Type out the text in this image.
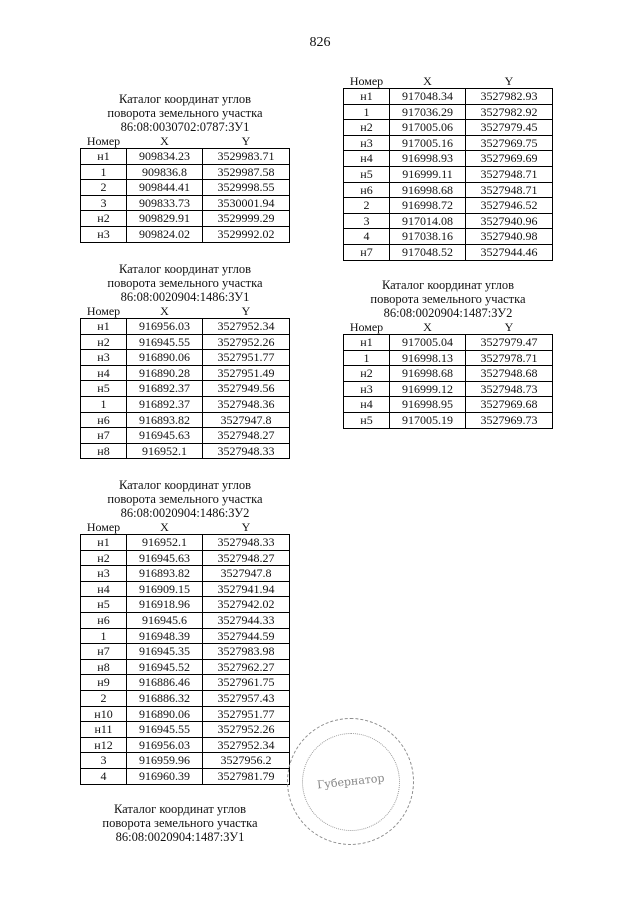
826
Каталог координат углов
поворота земельного участка
86:08:0030702:0787:ЗУ1
Номер	X	Y
н1	909834.23	3529983.71
1	909836.8	3529987.58
2	909844.41	3529998.55
3	909833.73	3530001.94
н2	909829.91	3529999.29
н3	909824.02	3529992.02
Каталог координат углов
поворота земельного участка
86:08:0020904:1486:ЗУ1
Номер	X	Y
н1	916956.03	3527952.34
н2	916945.55	3527952.26
н3	916890.06	3527951.77
н4	916890.28	3527951.49
н5	916892.37	3527949.56
1	916892.37	3527948.36
н6	916893.82	3527947.8
н7	916945.63	3527948.27
н8	916952.1	3527948.33
Каталог координат углов
поворота земельного участка
86:08:0020904:1486:ЗУ2
Номер	X	Y
н1	916952.1	3527948.33
н2	916945.63	3527948.27
н3	916893.82	3527947.8
н4	916909.15	3527941.94
н5	916918.96	3527942.02
н6	916945.6	3527944.33
1	916948.39	3527944.59
н7	916945.35	3527983.98
н8	916945.52	3527962.27
н9	916886.46	3527961.75
2	916886.32	3527957.43
н10	916890.06	3527951.77
н11	916945.55	3527952.26
н12	916956.03	3527952.34
3	916959.96	3527956.2
4	916960.39	3527981.79
Номер	X	Y
н1	917048.34	3527982.93
1	917036.29	3527982.92
н2	917005.06	3527979.45
н3	917005.16	3527969.75
н4	916998.93	3527969.69
н5	916999.11	3527948.71
н6	916998.68	3527948.71
2	916998.72	3527946.52
3	917014.08	3527940.96
4	917038.16	3527940.98
н7	917048.52	3527944.46
Каталог координат углов
поворота земельного участка
86:08:0020904:1487:ЗУ2
Номер	X	Y
н1	917005.04	3527979.47
1	916998.13	3527978.71
н2	916998.68	3527948.68
н3	916999.12	3527948.73
н4	916998.95	3527969.68
н5	917005.19	3527969.73
Каталог координат углов
поворота земельного участка
86:08:0020904:1487:ЗУ1
Губернатор
